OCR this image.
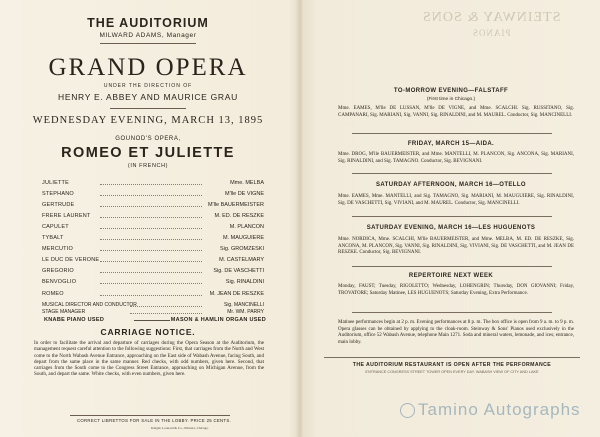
THE AUDITORIUM
MILWARD ADAMS, Manager
GRAND OPERA
UNDER THE DIRECTION OF
HENRY E. ABBEY AND MAURICE GRAU
WEDNESDAY EVENING, MARCH 13, 1895
GOUNOD'S OPERA,
ROMEO ET JULIETTE
(IN FRENCH)
JULIETTE	Mme. MELBA
STEPHANO	M'lle DE VIGNE
GERTRUDE	M'lle BAUERMEISTER
FRERE LAURENT	M. ED. DE RESZKE
CAPULET	M. PLANCON
TYBALT	M. MAUGUIERE
MERCUTIO	Sig. GROMZESKI
LE DUC DE VERONE	M. CASTELMARY
GREGORIO	Sig. DE VASCHETTI
BENVOGLIO	Sig. RINALDINI
ROMEO	M. JEAN DE RESZKE
MUSICAL DIRECTOR AND CONDUCTOR	Sig. MANCINELLI
STAGE MANAGER	Mr. WM. PARRY
KNABE PIANO USED	MASON & HAMLIN ORGAN USED
CARRIAGE NOTICE.
In order to facilitate the arrival and departure of carriages during the Opera Season at the Auditorium, the management request careful attention to the following suggestions: First, that carriages from the North and West come to the North Wabash Avenue Entrance, approaching on the East side of Wabash Avenue, facing South, and depart from the same place in the same manner. Red checks, with odd numbers, given here. Second, that carriages from the South come to the Congress Street Entrance, approaching on Michigan Avenue, from the South, and depart the same. White checks, with even numbers, given here.
CORRECT LIBRETTOS FOR SALE IN THE LOBBY. PRICE 25 CENTS.
STEINWAY & SONS
PIANOS
TO-MORROW EVENING—FALSTAFF
(First time in Chicago.)
Mme. EAMES, M'lle DE LUSSAN, M'lle DE VIGNE, and Mme. SCALCHI. Sig. RUSSITANO, Sig. CAMPANARI, Sig. MARIANI, Sig. VANNI, Sig. RINALDINI, and M. MAUREL. Conductor, Sig. MANCINELLI.
FRIDAY, MARCH 15—AIDA.
Mme. DROG, M'lle BAUERMEISTER, and Mme. MANTELLI, M. PLANCON, Sig. ANCONA, Sig. MARIANI, Sig. RINALDINI, and Sig. TAMAGNO. Conductor, Sig. BEVIGNANI.
SATURDAY AFTERNOON, MARCH 16—OTELLO
Mme. EAMES, Mme. MANTELLI, and Sig. TAMAGNO, Sig. MARIANI, M. MAUGUIERE, Sig. RINALDINI, Sig. DE VASCHETTI, Sig. VIVIANI, and M. MAUREL. Conductor, Sig. MANCINELLI.
SATURDAY EVENING, MARCH 16—LES HUGUENOTS
Mme. NORDICA, Mme. SCALCHI, M'lle BAUERMEISTER, and Mme. MELBA, M. ED. DE RESZKE, Sig. ANCONA, M. PLANCON, Sig. VANNI, Sig. RINALDINI, Sig. VIVIANI, Sig. DE VASCHETTI, and M. JEAN DE RESZKE. Conductor, Sig. BEVIGNANI.
REPERTOIRE NEXT WEEK
Monday, FAUST; Tuesday, RIGOLETTO; Wednesday, LOHENGRIN; Thursday, DON GIOVANNI; Friday, TROVATORE; Saturday Matinee, LES HUGUENOTS; Saturday Evening, Extra Performance.
Matinee performances begin at 2 p. m. Evening performances at 8 p. m. The box office is open from 9 a. m. to 9 p. m. Opera glasses can be obtained by applying to the cloak-room. Steinway & Sons' Pianos used exclusively in the Auditorium, office 52 Wabash Avenue, telephone Main 1271. Soda and mineral waters, lemonade, and ices; entrance, main lobby.
THE AUDITORIUM RESTAURANT IS OPEN AFTER THE PERFORMANCE
ENTRANCE CONGRESS STREET TOWER OPEN EVERY DAY. WABASH VIEW OF CITY AND LAKE
Knight, Leonard & Co., Printers, Chicago.
Tamino Autographs
